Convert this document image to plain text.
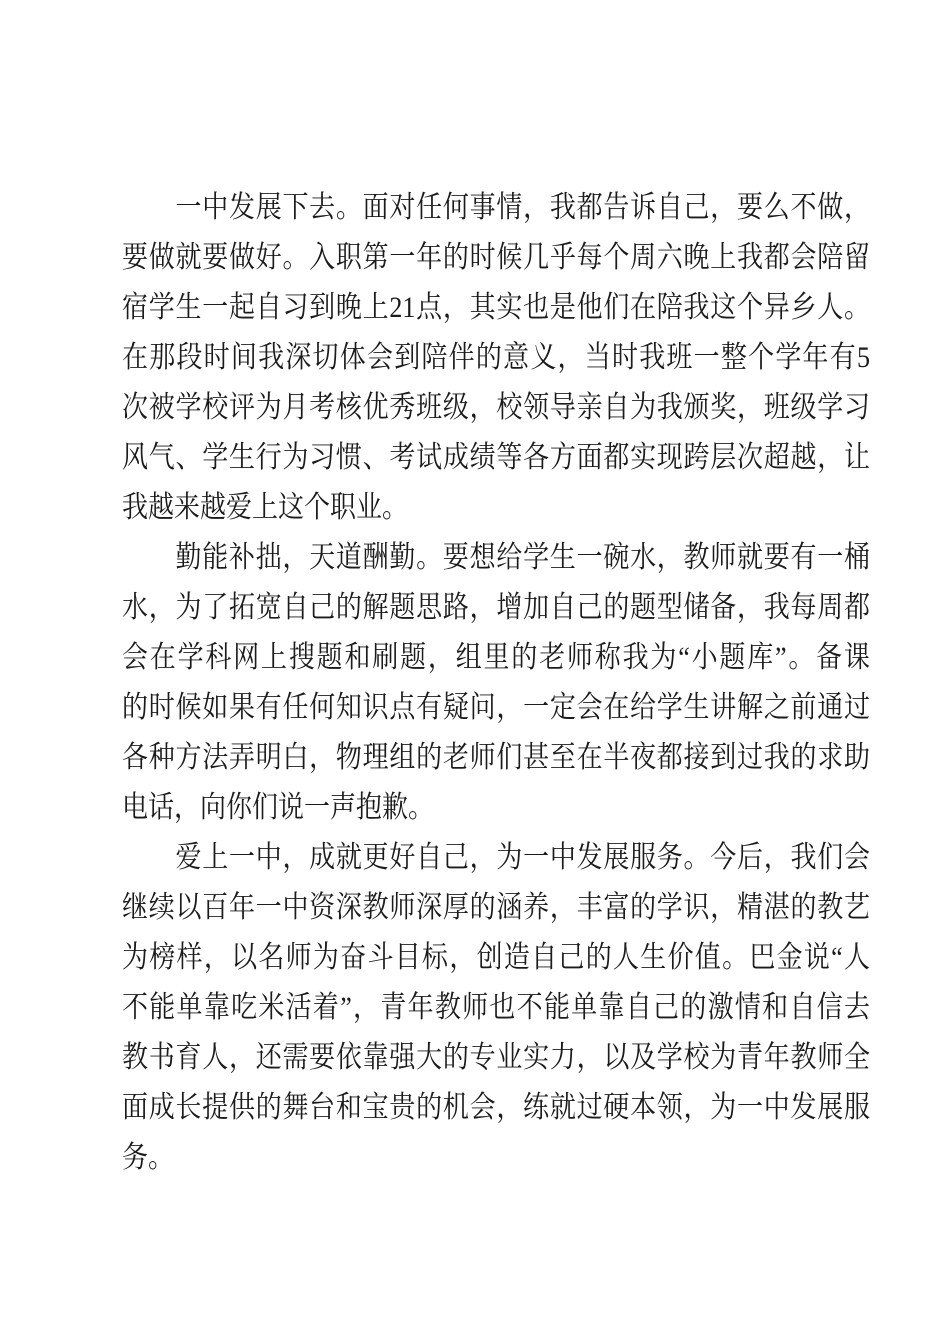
　　一中发展下去。面对任何事情，我都告诉自己，要么不做，
要做就要做好。入职第一年的时候几乎每个周六晚上我都会陪留
宿学生一起自习到晚上21点，其实也是他们在陪我这个异乡人。
在那段时间我深切体会到陪伴的意义，当时我班一整个学年有5
次被学校评为月考核优秀班级，校领导亲自为我颁奖，班级学习
风气、学生行为习惯、考试成绩等各方面都实现跨层次超越，让
我越来越爱上这个职业。
　　勤能补拙，天道酬勤。要想给学生一碗水，教师就要有一桶
水，为了拓宽自己的解题思路，增加自己的题型储备，我每周都
会在学科网上搜题和刷题，组里的老师称我为“小题库”。备课
的时候如果有任何知识点有疑问，一定会在给学生讲解之前通过
各种方法弄明白，物理组的老师们甚至在半夜都接到过我的求助
电话，向你们说一声抱歉。
　　爱上一中，成就更好自己，为一中发展服务。今后，我们会
继续以百年一中资深教师深厚的涵养，丰富的学识，精湛的教艺
为榜样，以名师为奋斗目标，创造自己的人生价值。巴金说“人
不能单靠吃米活着”，青年教师也不能单靠自己的激情和自信去
教书育人，还需要依靠强大的专业实力，以及学校为青年教师全
面成长提供的舞台和宝贵的机会，练就过硬本领，为一中发展服
务。
